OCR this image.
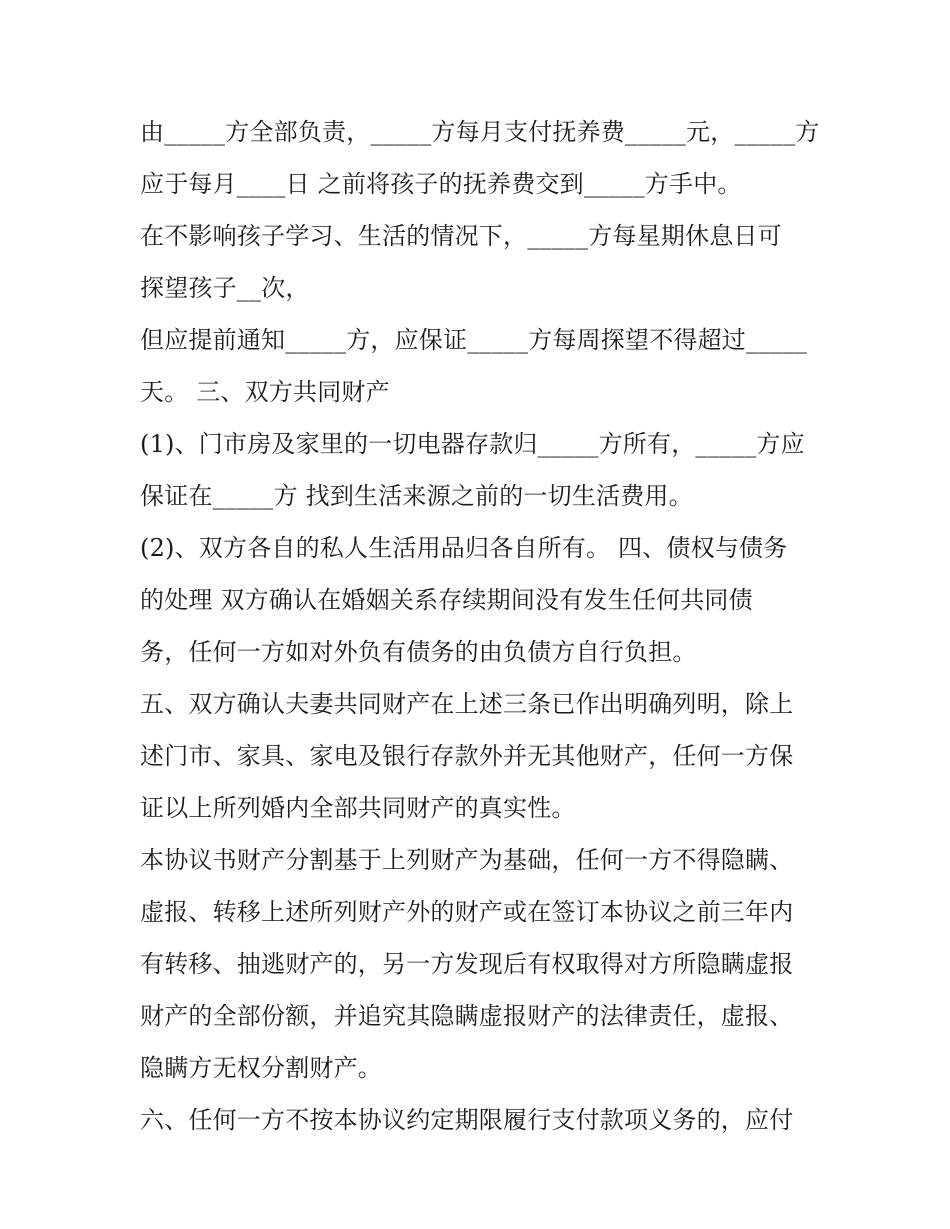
由_____方全部负责，_____方每月支付抚养费_____元，_____方
应于每月____日 之前将孩子的抚养费交到_____方手中。
在不影响孩子学习、生活的情况下，_____方每星期休息日可
探望孩子__次，
但应提前通知_____方，应保证_____方每周探望不得超过_____
天。 三、双方共同财产
(1)、门市房及家里的一切电器存款归_____方所有，_____方应
保证在_____方 找到生活来源之前的一切生活费用。
(2)、双方各自的私人生活用品归各自所有。 四、债权与债务
的处理 双方确认在婚姻关系存续期间没有发生任何共同债
务，任何一方如对外负有债务的由负债方自行负担。
五、双方确认夫妻共同财产在上述三条已作出明确列明，除上
述门市、家具、家电及银行存款外并无其他财产，任何一方保
证以上所列婚内全部共同财产的真实性。
本协议书财产分割基于上列财产为基础，任何一方不得隐瞒、
虚报、转移上述所列财产外的财产或在签订本协议之前三年内
有转移、抽逃财产的，另一方发现后有权取得对方所隐瞒虚报
财产的全部份额，并追究其隐瞒虚报财产的法律责任，虚报、
隐瞒方无权分割财产。
六、任何一方不按本协议约定期限履行支付款项义务的，应付
